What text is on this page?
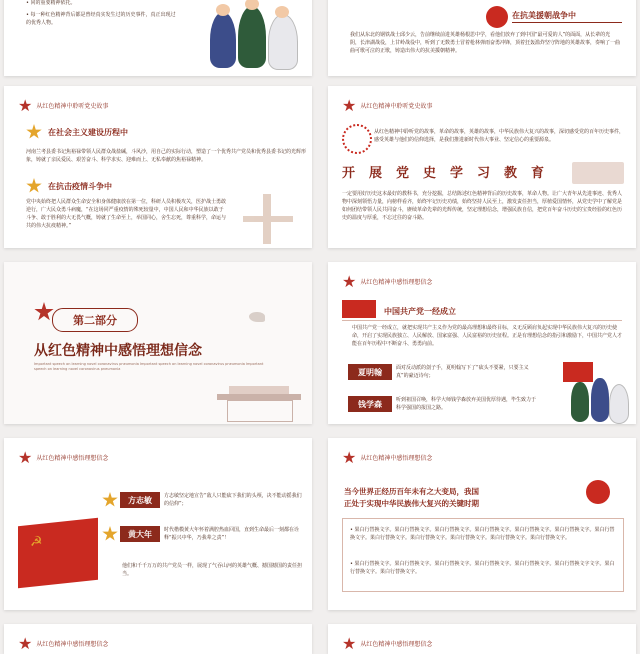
• 同的重要精神依托。
• 每一种红色精神背后都是曾经真实发生过的历史事件，真正出现过的优秀人物。
在抗美援朝战争中
我们从东北的钢铁战士邱少云，告前继续前进英雄杨根思中学，看他们放弃了到中国“最可爱的人”的面面，从长辈的光阴，长津湖战役，上甘岭战役中，听到了无数勇士冒着枪林弹雨奋勇冲锋，顶着狂轰滥炸坚守阵地的英雄故事，奏响了一曲曲可歌可泣的正歌，铸造出伟大的抗美援朝精神。
★ 从红色精神中聆听党史故事
在社会主义建设历程中
河南兰考县委书记焦裕禄带领人民群众战盐碱，斗风沙，用自己的实际行动，塑造了一个优秀共产党员和优秀县委书记的光辉形象，铸就了亲民爱民、艰苦奋斗、科学求实、迎难而上、无私奉献的焦裕禄精神。
在抗击疫情斗争中
党中央始终把人民群众生命安全和身体健康放在第一位，科研人员积极攻关，医护战士勇敢逆行，广大民众勇斗病魔，“在这场同严重疫情的殊死较量中，中国人民和中华民族以敢于斗争、敢于胜利的大无畏气概，铸就了生命至上，举国同心，舍生忘死，尊重科学，命运与共的伟大抗疫精神。”
★ 从红色精神中聆听党史故事
从红色精神中聆听党的故事，革命的故事，英雄的故事，中华民族伟大复兴的故事，深切感受党的百年历史事件，感受英雄与他们的信仰选择，是我们推进新时代伟大事业、坚定信心的重要源泉。
开展党史学习教育
一定要用好历史这本最好的教科书，充分挖掘，总结陈述红色精神背后的历史故事，革命人物。让广大青年从先进事迹、优秀人物中深刻领悟力量，向榜样看齐，始终牢记历史功绩，始终坚持人民至上，激发责任担当，厚植爱国情怀，从党史学中了解党是如何团结带领人民共同奋斗，赓续革命先辈的光辉传统，坚定理想信念，增强民族自信，把党百年奋斗历史的宝贵经验的红色历史的温度与厚重，不忘过往的奋斗路。
第二部分
从红色精神中感悟理想信念
Important speech on learning novel coronavirus pneumonia Important speech on learning novel coronavirus pneumonia Important speech on learning novel coronavirus pneumonia
★ 从红色精神中感悟理想信念
中国共产党一经成立
中国共产党一经成立，就把实现共产主义作为党的最高理想和最终目标，义无反顾肩负起实现中华民族伟大复兴的历史使命，开启了实现民族独立、人民解放、国家富强、人民富裕的历史征程。正是有理想信念的指引和激励下，中国共产党人才能在百年历程中不断奋斗、勇勇向前。
夏明翰	面对反动派的刽子手，夏明翰写下了“砍头不要紧，只要主义真”的豪迈诗句；
钱学森	听到祖国召唤，科学大师钱学森放弃美国优厚待遇，毕生致力于科学强国的报国之路。
★ 从红色精神中感悟理想信念
☭
方志敏	方志敏坚定地宣告“敌人只能砍下我们的头颅，决不能动摇我们的信仰”；
黄大年	时代楷模黄大年怀着满腔热血回国，直到生命最后一刻都在诠释“振兴中华，乃我辈之责”！
他们和千千万万的共产党员一样，展现了气吞山河的英雄气概、撼国撼国的责任担当。
★ 从红色精神中感悟理想信念
当今世界正经历百年未有之大变局，我国
正处于实现中华民族伟大复兴的关键时期
• 果白行替换文字。果白行替换文字。果白行替换文字。果白行替换文字。果白行替换文字。果白行替换文字。果白行替换文字。果白行替换文字。果白行替换文字。果白行替换文字。果白行替换文字。果白行替换文字。
• 果白行替换文字。果白行替换文字。果白行替换文字。果白行替换文字。果白行替换文字。果白行替换文字文字。果白行替换文字。果白行替换文字。
★ 从红色精神中感悟理想信念	★ 从红色精神中感悟理想信念
